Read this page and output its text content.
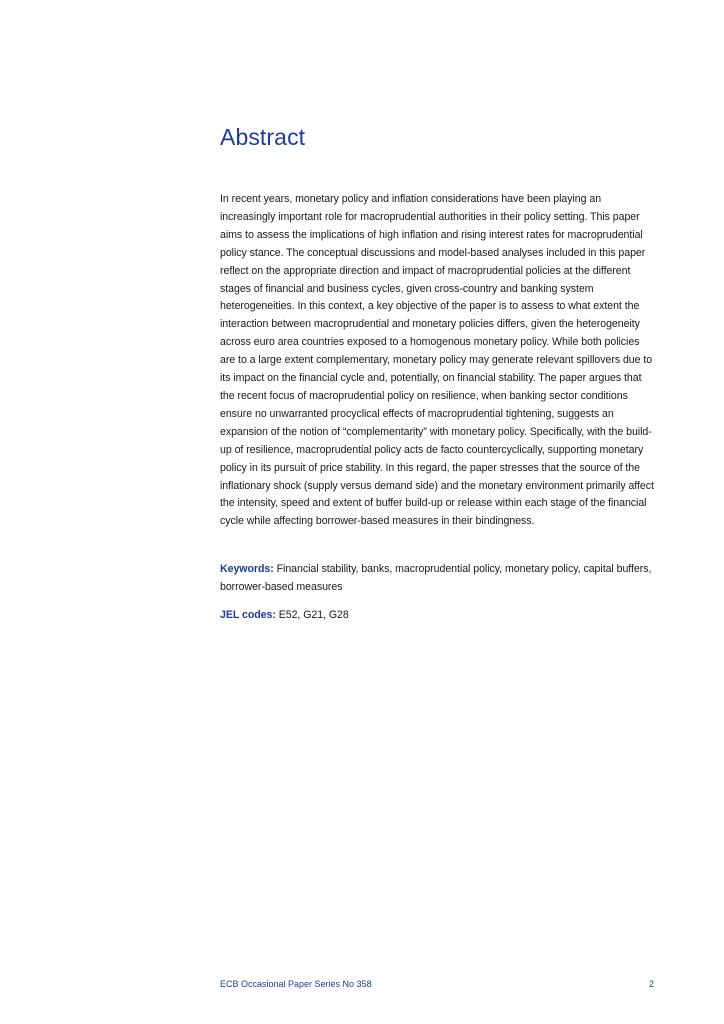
Abstract

In recent years, monetary policy and inflation considerations have been playing an increasingly important role for macroprudential authorities in their policy setting. This paper aims to assess the implications of high inflation and rising interest rates for macroprudential policy stance. The conceptual discussions and model-based analyses included in this paper reflect on the appropriate direction and impact of macroprudential policies at the different stages of financial and business cycles, given cross-country and banking system heterogeneities. In this context, a key objective of the paper is to assess to what extent the interaction between macroprudential and monetary policies differs, given the heterogeneity across euro area countries exposed to a homogenous monetary policy. While both policies are to a large extent complementary, monetary policy may generate relevant spillovers due to its impact on the financial cycle and, potentially, on financial stability. The paper argues that the recent focus of macroprudential policy on resilience, when banking sector conditions ensure no unwarranted procyclical effects of macroprudential tightening, suggests an expansion of the notion of “complementarity” with monetary policy. Specifically, with the build-up of resilience, macroprudential policy acts de facto countercyclically, supporting monetary policy in its pursuit of price stability. In this regard, the paper stresses that the source of the inflationary shock (supply versus demand side) and the monetary environment primarily affect the intensity, speed and extent of buffer build-up or release within each stage of the financial cycle while affecting borrower-based measures in their bindingness.

Keywords: Financial stability, banks, macroprudential policy, monetary policy, capital buffers, borrower-based measures

JEL codes: E52, G21, G28

ECB Occasional Paper Series No 358	2
